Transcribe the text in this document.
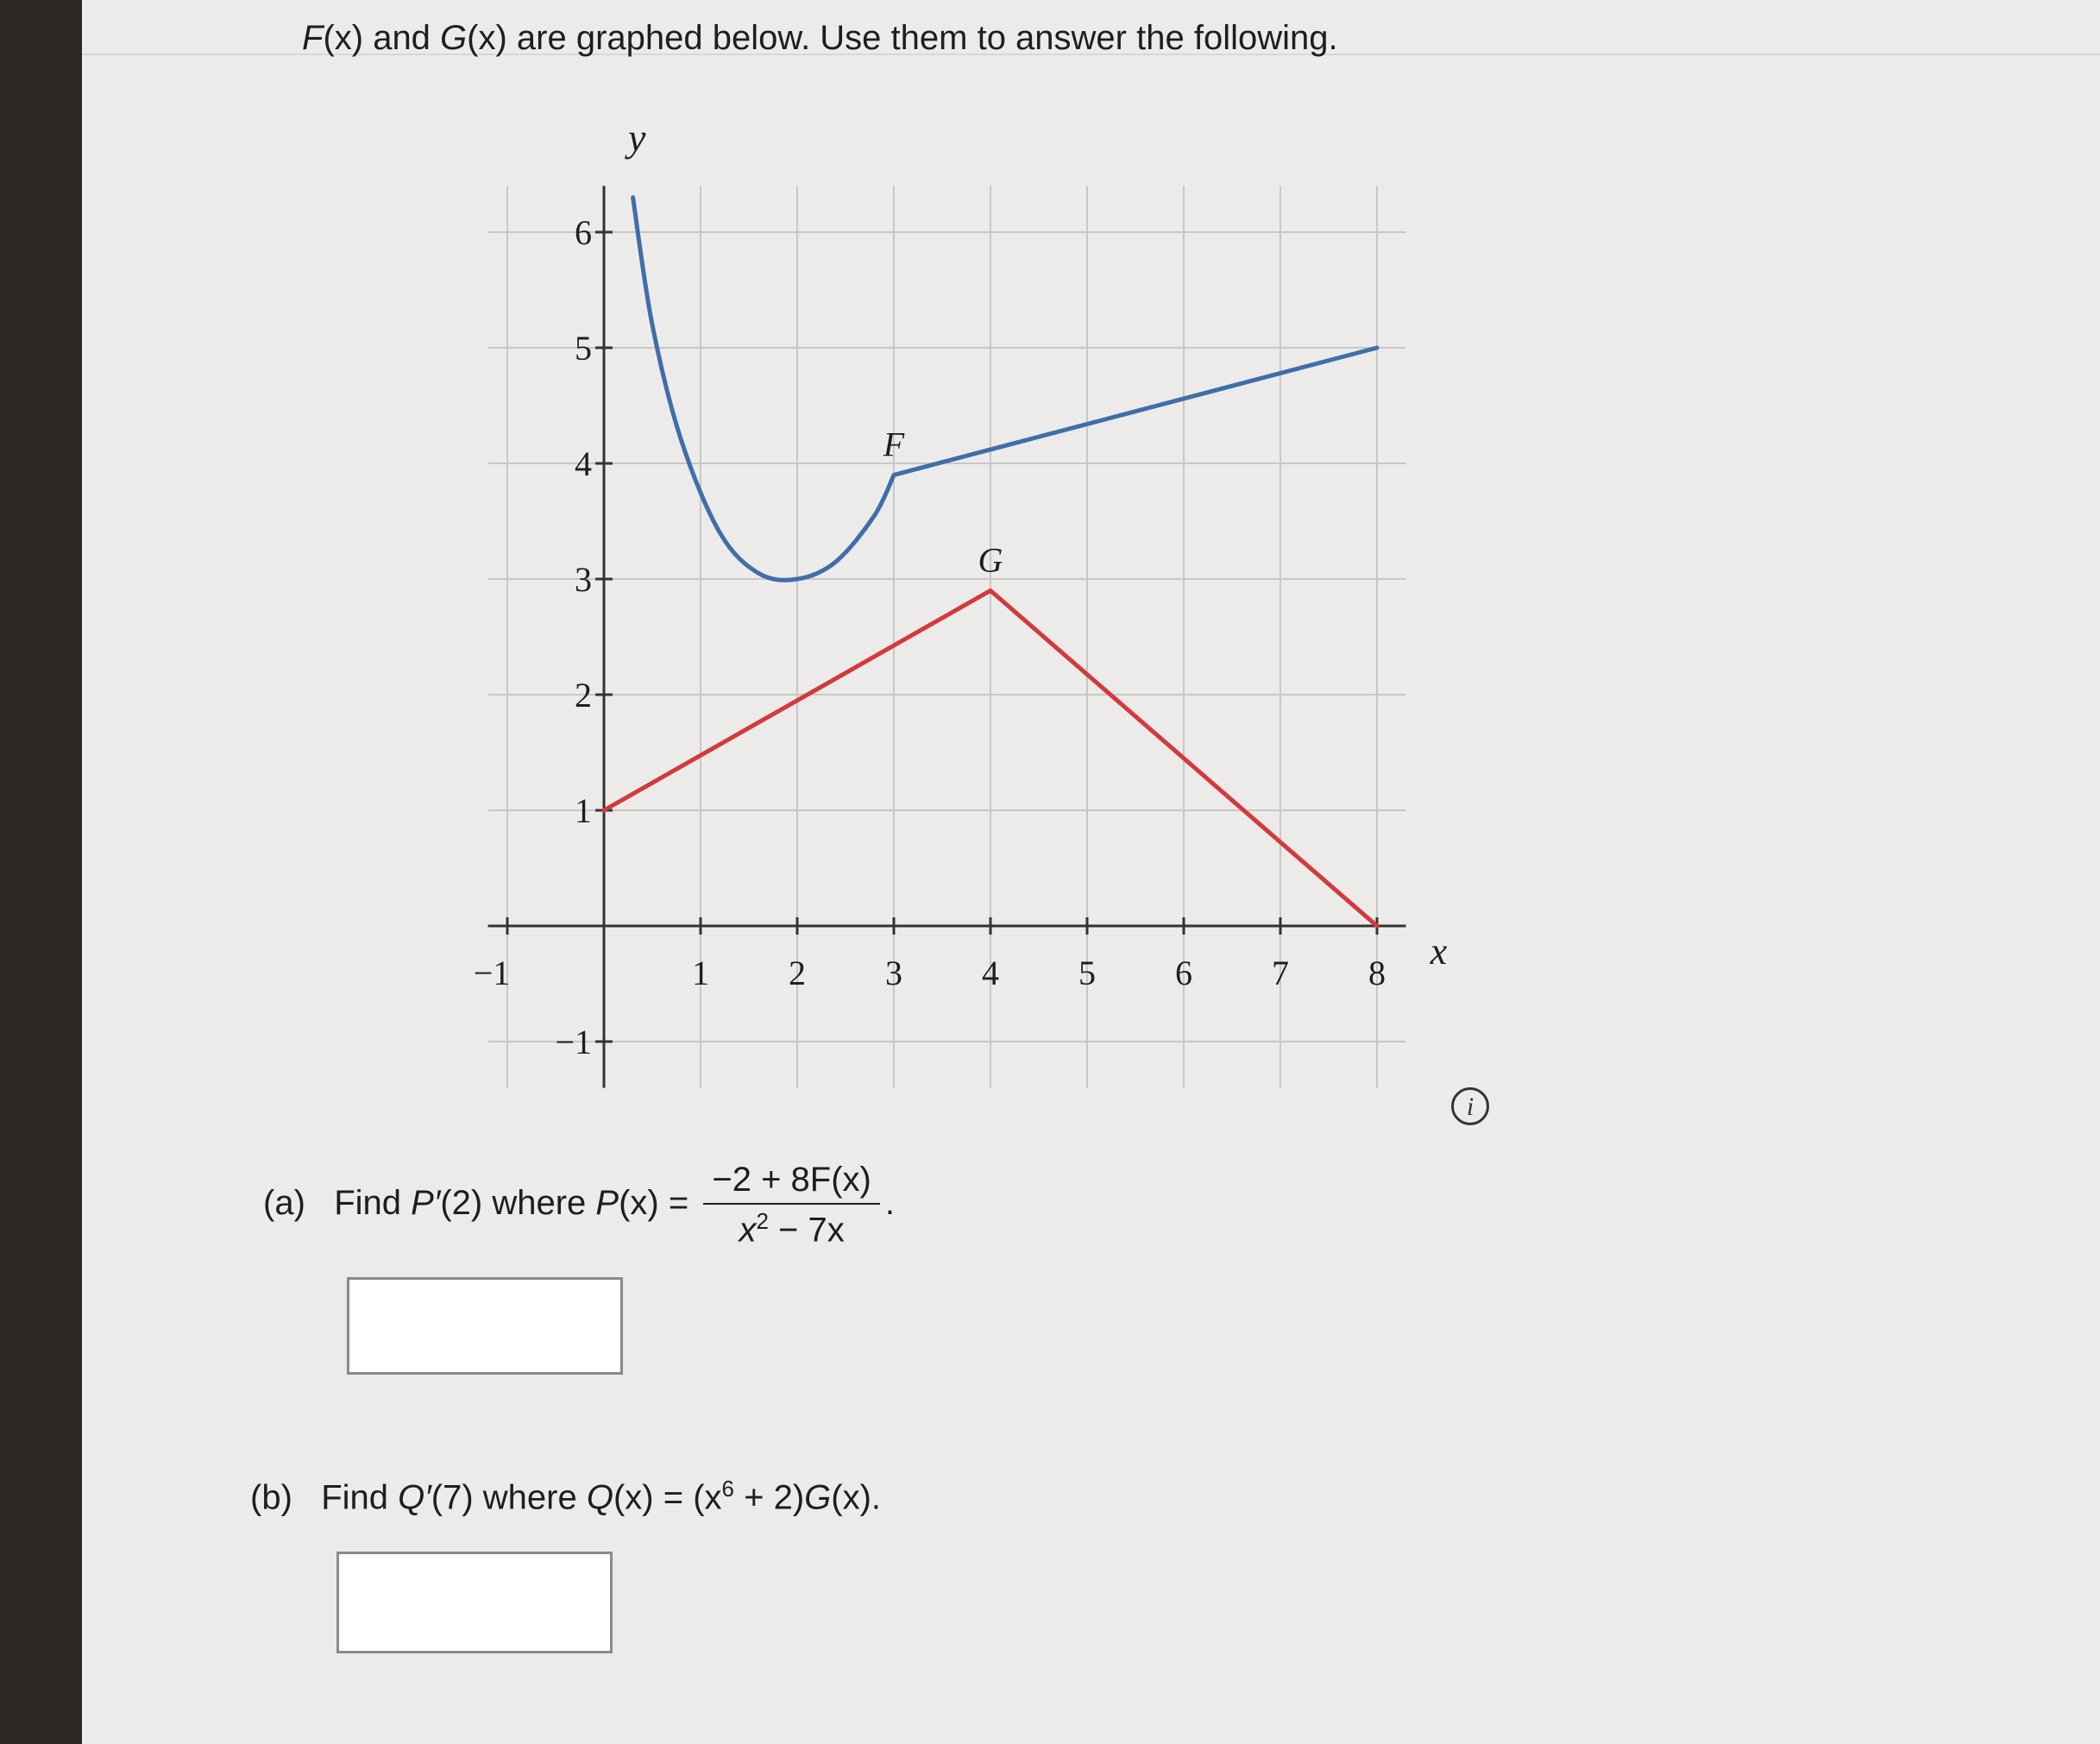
F(x) and G(x) are graphed below. Use them to answer the following.
−1	1 2 3 4 5 6 7 8
−1
1
2
3
4
5
6
x
y
F
G
(a) Find P′(2) where $P(x) = \frac{-2 + 8F(x)}{x^2 - 7x}$ .
(b) Find Q′(7) where $Q(x) = (x^6 + 2)G(x)$.
i
